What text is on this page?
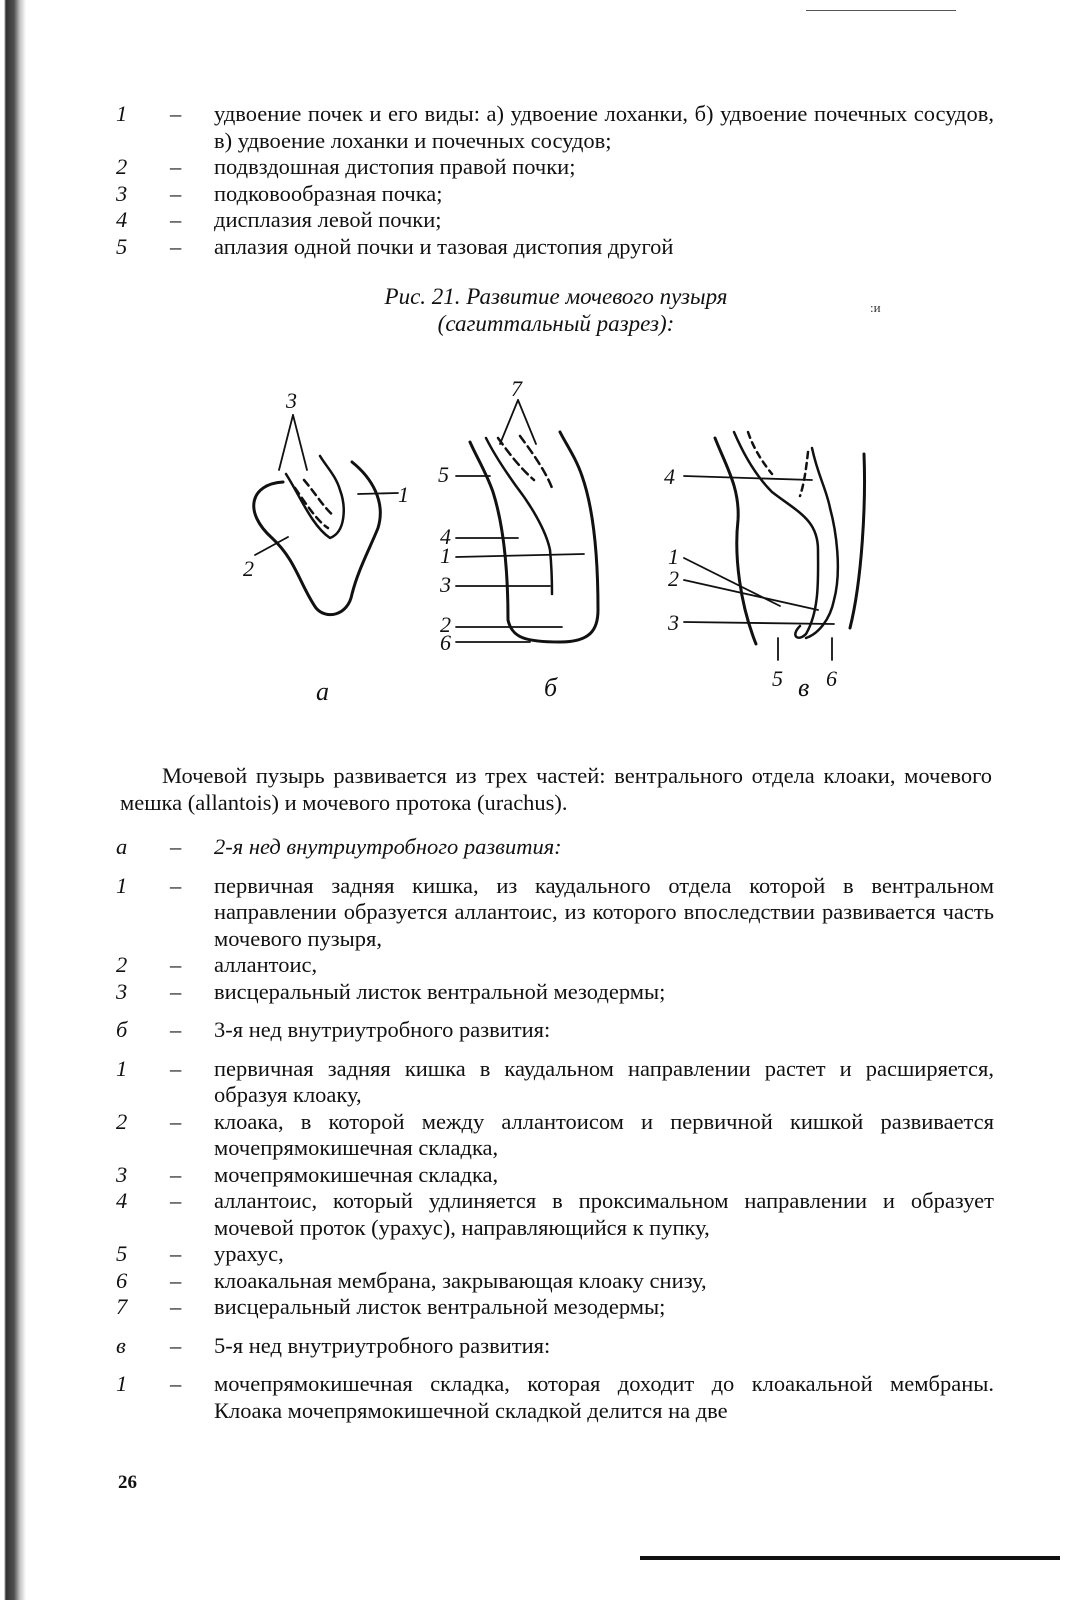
1	– удвоение почек и его виды: а) удвоение лоханки, б) удвоение почечных сосудов, в) удвоение лоханки и почечных сосудов;
2	– подвздошная дистопия правой почки;
3	– подковообразная почка;
4	– дисплазия левой почки;
5	– аплазия одной почки и тазовая дистопия другой
Рис. 21. Развитие мочевого пузыря
(сагиттальный разрез):
:и
3
1
2
а
7
5
4
1
3
2
6
б
4
1
2
3
5 6
в
Мочевой пузырь развивается из трех частей: вентрального отдела клоаки, мочевого мешка (allantois) и мочевого протока (urachus).
а	– 2-я нед внутриутробного развития:
1	– первичная задняя кишка, из каудального отдела которой в вентральном направлении образуется аллантоис, из которого впоследствии развивается часть мочевого пузыря,
2	– аллантоис,
3	– висцеральный листок вентральной мезодермы;
б	– 3-я нед внутриутробного развития:
1	– первичная задняя кишка в каудальном направлении растет и расширяется, образуя клоаку,
2	– клоака, в которой между аллантоисом и первичной кишкой развивается мочепрямокишечная складка,
3	– мочепрямокишечная складка,
4	– аллантоис, который удлиняется в проксимальном направлении и образует мочевой проток (урахус), направляющийся к пупку,
5	– урахус,
6	– клоакальная мембрана, закрывающая клоаку снизу,
7	– висцеральный листок вентральной мезодермы;
в	– 5-я нед внутриутробного развития:
1	– мочепрямокишечная складка, которая доходит до клоакальной мембраны. Клоака мочепрямокишечной складкой делится на две
26
